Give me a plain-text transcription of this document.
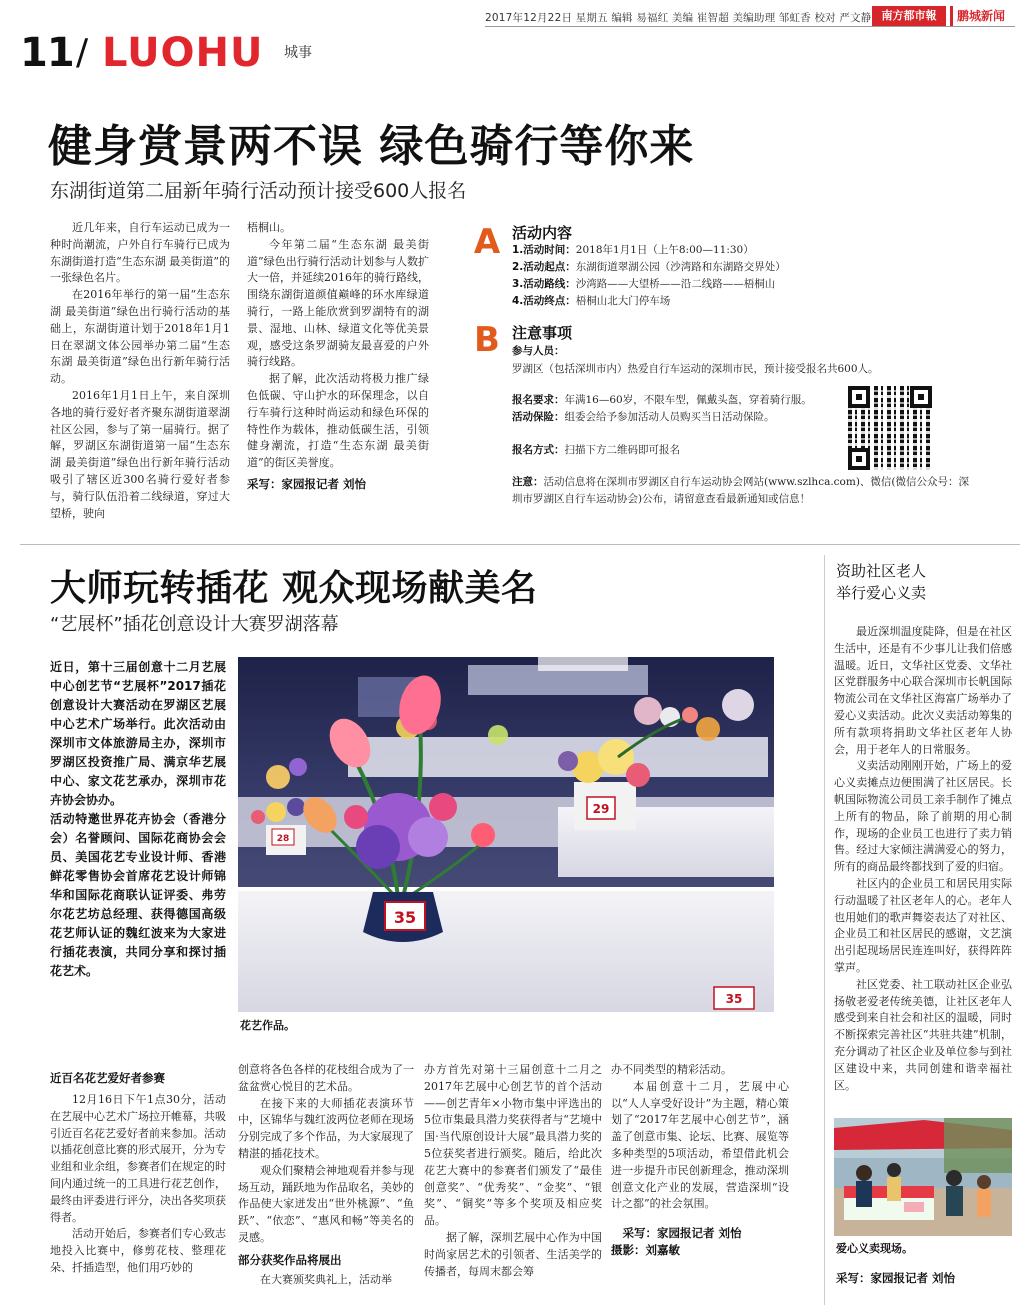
2017年12月22日 星期五 编辑 易福红 美编 崔智超 美编助理 邹虹香 校对 严文静 南方都市報	鹏城新闻
11 / LUOHU 城事
健身赏景两不误 绿色骑行等你来
东湖街道第二届新年骑行活动预计接受600人报名

近几年来，自行车运动已成为一种时尚潮流，户外自行车骑行已成为东湖街道打造“生态东湖 最美街道”的一张绿色名片。

在2016年举行的第一届“生态东湖 最美街道”绿色出行骑行活动的基础上，东湖街道计划于2018年1月1日在翠湖文体公园举办第二届“生态东湖 最美街道”绿色出行新年骑行活动。

2016年1月1日上午，来自深圳各地的骑行爱好者齐聚东湖街道翠湖社区公园，参与了第一届骑行。据了解，罗湖区东湖街道第一届“生态东湖 最美街道”绿色出行新年骑行活动吸引了辖区近300名骑行爱好者参与，骑行队伍沿着二线绿道，穿过大望桥，驶向

梧桐山。

今年第二届“生态东湖 最美街道”绿色出行骑行活动计划参与人数扩大一倍，并延续2016年的骑行路线，围绕东湖街道颜值巅峰的环水库绿道骑行，一路上能欣赏到罗湖特有的湖景、湿地、山林、绿道文化等优美景观，感受这条罗湖骑友最喜爱的户外骑行线路。

据了解，此次活动将极力推广绿色低碳、守山护水的环保理念，以自行车骑行这种时尚运动和绿色环保的特性作为载体，推动低碳生活，引领健身潮流，打造“生态东湖 最美街道”的街区美誉度。

采写：家园报记者 刘怡

A 活动内容
1.活动时间：2018年1月1日（上午8:00—11:30）
2.活动起点：东湖街道翠湖公园（沙湾路和东湖路交界处）
3.活动路线：沙湾路——大望桥——沿二线路——梧桐山
4.活动终点：梧桐山北大门停车场
B 注意事项
参与人员：
罗湖区（包括深圳市内）热爱自行车运动的深圳市民，预计接受报名共600人。
报名要求：年满16—60岁，不限车型，佩戴头盔，穿着骑行服。
活动保险：组委会给予参加活动人员购买当日活动保险。
报名方式：扫描下方二维码即可报名
注意：活动信息将在深圳市罗湖区自行车运动协会网站(www.szlhca.com)、微信(微信公众号：深
圳市罗湖区自行车运动协会)公布，请留意查看最新通知或信息！
大师玩转插花 观众现场献美名
“艺展杯”插花创意设计大赛罗湖落幕

近日，第十三届创意十二月艺展中心创艺节“艺展杯”2017插花创意设计大赛活动在罗湖区艺展中心艺术广场举行。此次活动由深圳市文体旅游局主办，深圳市罗湖区投资推广局、满京华艺展中心、家文花艺承办，深圳市花卉协会协办。

活动特邀世界花卉协会（香港分会）名誉顾问、国际花商协会会员、美国花艺专业设计师、香港鲜花零售协会首席花艺设计师锦华和国际花商联认证评委、弗劳尔花艺坊总经理、获得德国高级花艺师认证的魏红波来为大家进行插花表演，共同分享和探讨插花艺术。

35
29
28
35
花艺作品。
近百名花艺爱好者参赛

12月16日下午1点30分，活动在艺展中心艺术广场拉开帷幕，共吸引近百名花艺爱好者前来参加。活动以插花创意比赛的形式展开，分为专业组和业余组，参赛者们在规定的时间内通过统一的工具进行花艺创作，最终由评委进行评分，决出各奖项获得者。

活动开始后，参赛者们专心致志地投入比赛中，修剪花枝、整理花朵、扦插造型，他们用巧妙的

创意将各色各样的花枝组合成为了一盆盆赏心悦目的艺术品。

在接下来的大师插花表演环节中，区锦华与魏红波两位老师在现场分别完成了多个作品，为大家展现了精湛的插花技术。

观众们聚精会神地观看并参与现场互动，踊跃地为作品取名，美妙的作品使大家迸发出“世外桃源”、“鱼跃”、“依恋”、“惠风和畅”等美名的灵感。

部分获奖作品将展出

在大赛颁奖典礼上，活动举

办方首先对第十三届创意十二月之2017年艺展中心创艺节的首个活动——创艺青年×小物市集中评选出的5位市集最具潜力奖获得者与“艺境中国·当代原创设计大展”最具潜力奖的5位获奖者进行颁奖。随后，给此次花艺大赛中的参赛者们颁发了“最佳创意奖”、“优秀奖”、“金奖”、“银奖”、“铜奖”等多个奖项及相应奖品。

据了解，深圳艺展中心作为中国时尚家居艺术的引领者、生活美学的传播者，每周末都会筹

办不同类型的精彩活动。

本届创意十二月，艺展中心以“人人享受好设计”为主题，精心策划了“2017年艺展中心创艺节”，涵盖了创意市集、论坛、比赛、展览等多种类型的5项活动，希望借此机会进一步提升市民创新理念，推动深圳创意文化产业的发展，营造深圳“设计之都”的社会氛围。

采写：家园报记者 刘怡

摄影：刘嘉敏

资助社区老人
举行爱心义卖

最近深圳温度陡降，但是在社区生活中，还是有不少事儿让我们倍感温暖。近日，文华社区党委、文华社区党群服务中心联合深圳市长帆国际物流公司在文华社区海富广场举办了爱心义卖活动。此次义卖活动筹集的所有款项将捐助文华社区老年人协会，用于老年人的日常服务。

义卖活动刚刚开始，广场上的爱心义卖摊点边便围满了社区居民。长帆国际物流公司员工亲手制作了摊点上所有的物品，除了前期的用心制作，现场的企业员工也进行了卖力销售。经过大家倾注满满爱心的努力，所有的商品最终都找到了爱的归宿。

社区内的企业员工和居民用实际行动温暖了社区老年人的心。老年人也用她们的歌声舞姿表达了对社区、企业员工和社区居民的感谢，文艺演出引起现场居民连连叫好，获得阵阵掌声。

社区党委、社工联动社区企业弘扬敬老爱老传统美德，让社区老年人感受到来自社会和社区的温暖，同时不断探索完善社区“共驻共建”机制，充分调动了社区企业及单位参与到社区建设中来，共同创建和谐幸福社区。

爱心义卖现场。
采写：家园报记者 刘怡
